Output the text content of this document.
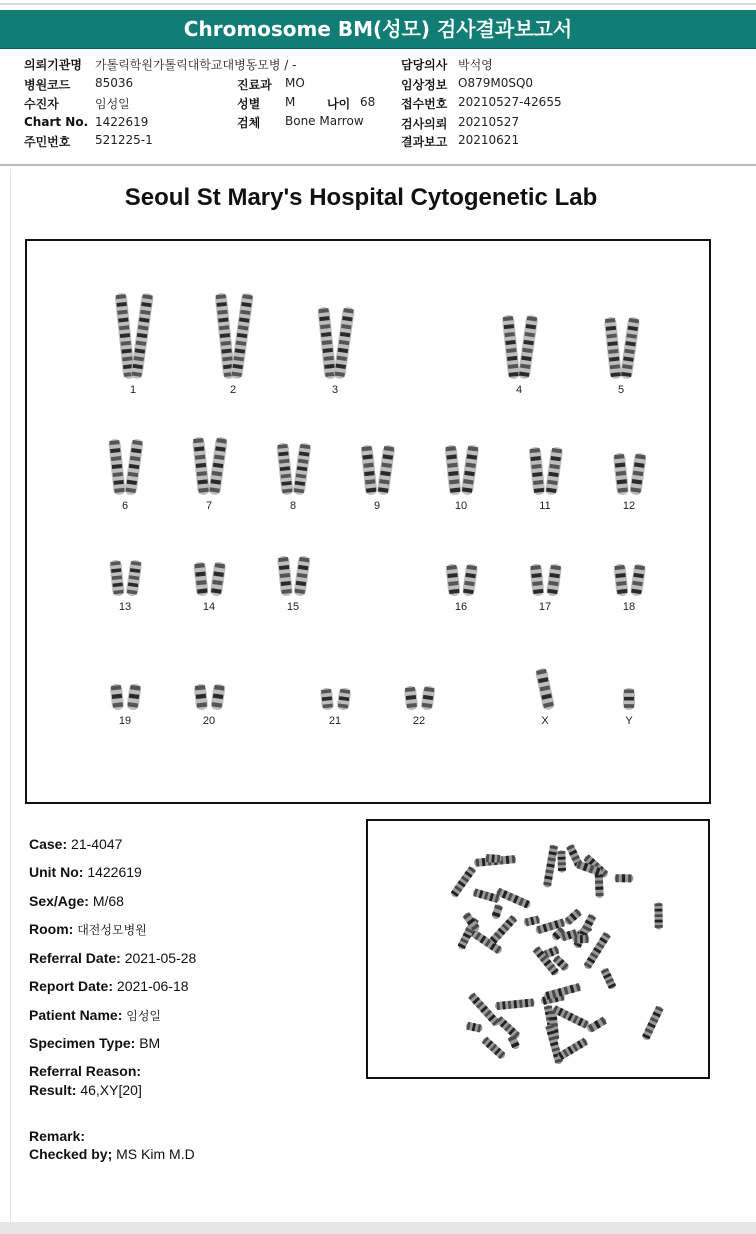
Chromosome BM(성모) 검사결과보고서
의뢰기관명 가톨릭학원가톨릭대학교대병동모병 / -
병원코드 85036	진료과 MO
수진자	임성일	성별 M	나이 68
Chart No. 1422619	검체 Bone Marrow
주민번호 521225-1
담당의사 박석영
임상정보 O879M0SQ0
접수번호 20210527-42655
검사의뢰 20210527
결과보고 20210621
Seoul St Mary's Hospital Cytogenetic Lab
1	2	3	4	5
6	7	8	9	10	11	12
13	14	15	16	17	18
19	20	21	22	X	Y
Case: 21-4047
Unit No: 1422619
Sex/Age: M/68
Room: 대전성모병원
Referral Date: 2021-05-28
Report Date: 2021-06-18
Patient Name: 임성일
Specimen Type: BM
Referral Reason:
Result: 46,XY[20]
Remark:
Checked by; MS Kim M.D
